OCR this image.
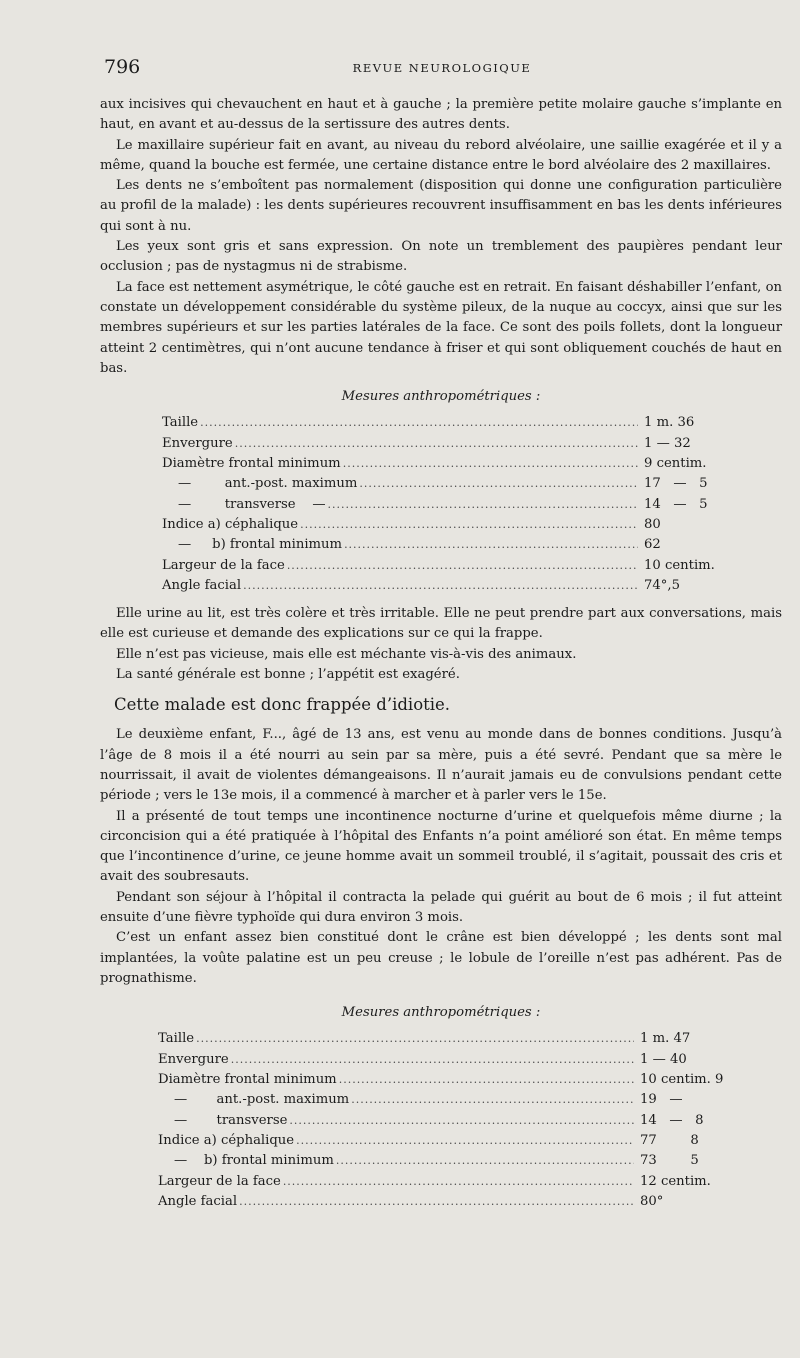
796	REVUE NEUROLOGIQUE

aux incisives qui chevauchent en haut et à gauche ; la première petite molaire gauche s’implante en haut, en avant et au-dessus de la sertissure des autres dents.

Le maxillaire supérieur fait en avant, au niveau du rebord alvéolaire, une saillie exagérée et il y a même, quand la bouche est fermée, une certaine distance entre le bord alvéolaire des 2 maxillaires.

Les dents ne s’emboîtent pas normalement (disposition qui donne une configuration particulière au profil de la malade) : les dents supérieures recouvrent insuffisamment en bas les dents inférieures qui sont à nu.

Les yeux sont gris et sans expression. On note un tremblement des paupières pendant leur occlusion ; pas de nystagmus ni de strabisme.

La face est nettement asymétrique, le côté gauche est en retrait. En faisant déshabiller l’enfant, on constate un développement considérable du système pileux, de la nuque au coccyx, ainsi que sur les membres supérieurs et sur les parties latérales de la face. Ce sont des poils follets, dont la longueur atteint 2 centimètres, qui n’ont aucune tendance à friser et qui sont obliquement couchés de haut en bas.

Mesures anthropométriques :
Taille .....	1 m. 36
Envergure .....	1 — 32
Diamètre frontal minimum .....	9 centim.
—        ant.-post. maximum .....	17   —   5
—        transverse    — .....	14   —   5
Indice a) céphalique .....	80
—     b) frontal minimum .....	62
Largeur de la face .....	10 centim.
Angle facial .....	74°,5

Elle urine au lit, est très colère et très irritable. Elle ne peut prendre part aux conversations, mais elle est curieuse et demande des explications sur ce qui la frappe.

Elle n’est pas vicieuse, mais elle est méchante vis-à-vis des animaux.

La santé générale est bonne ; l’appétit est exagéré.

Cette malade est donc frappée d’idiotie.

Le deuxième enfant, F..., âgé de 13 ans, est venu au monde dans de bonnes conditions. Jusqu’à l’âge de 8 mois il a été nourri au sein par sa mère, puis a été sevré. Pendant que sa mère le nourrissait, il avait de violentes démangeaisons. Il n’aurait jamais eu de convulsions pendant cette période ; vers le 13e mois, il a commencé à marcher et à parler vers le 15e.

Il a présenté de tout temps une incontinence nocturne d’urine et quelquefois même diurne ; la circoncision qui a été pratiquée à l’hôpital des Enfants n’a point amélioré son état. En même temps que l’incontinence d’urine, ce jeune homme avait un sommeil troublé, il s’agitait, poussait des cris et avait des soubresauts.

Pendant son séjour à l’hôpital il contracta la pelade qui guérit au bout de 6 mois ; il fut atteint ensuite d’une fièvre typhoïde qui dura environ 3 mois.

C’est un enfant assez bien constitué dont le crâne est bien développé ; les dents sont mal implantées, la voûte palatine est un peu creuse ; le lobule de l’oreille n’est pas adhérent. Pas de prognathisme.

Mesures anthropométriques :
Taille .....	1 m. 47
Envergure .....	1 — 40
Diamètre frontal minimum .....	10 centim. 9
—       ant.-post. maximum .....	19   —
—       transverse .....	14   —   8
Indice a) céphalique .....	77        8
—    b) frontal minimum .....	73        5
Largeur de la face .....	12 centim.
Angle facial .....	80°
